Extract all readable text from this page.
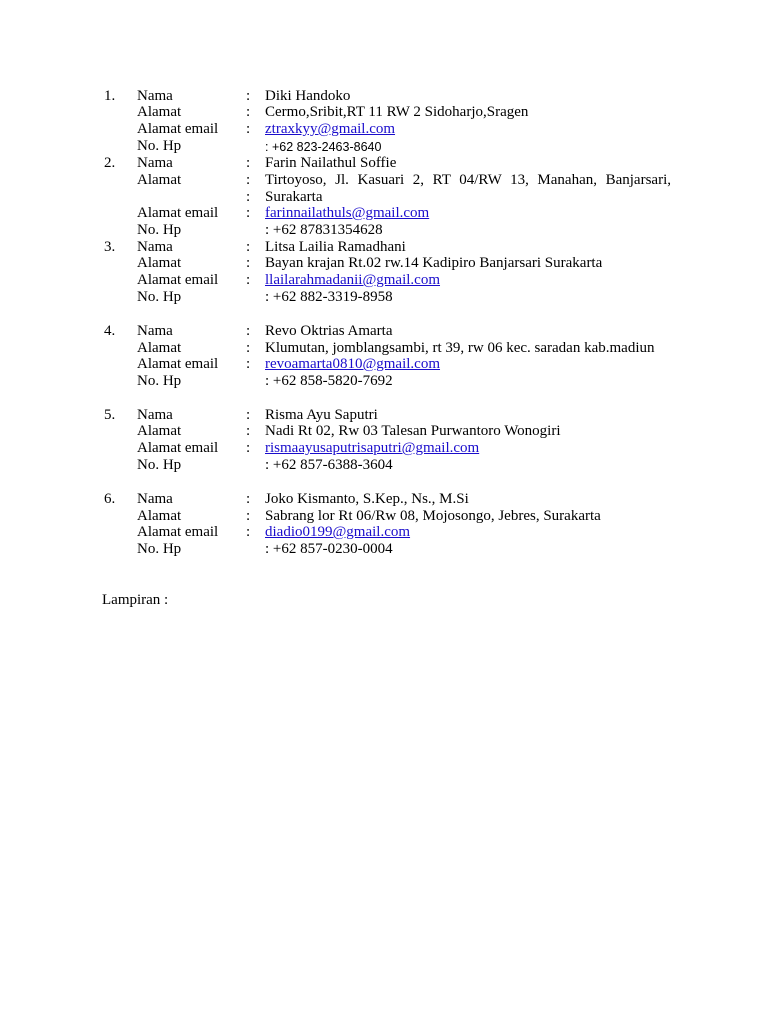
1. Nama	: Diki Handoko
Alamat	: Cermo,Sribit,RT 11 RW 2 Sidoharjo,Sragen
Alamat email : ztraxkyy@gmail.com
No. Hp	: +62 823-2463-8640
2. Nama	: Farin Nailathul Soffie
Alamat	: Tirtoyoso, Jl. Kasuari 2, RT 04/RW 13, Manahan, Banjarsari,
: Surakarta
Alamat email : farinnailathuls@gmail.com
No. Hp	: +62 87831354628
3. Nama	: Litsa Lailia Ramadhani
Alamat	: Bayan krajan Rt.02 rw.14 Kadipiro Banjarsari Surakarta
Alamat email : llailarahmadanii@gmail.com
No. Hp	: +62 882-3319-8958
4. Nama	: Revo Oktrias Amarta
Alamat	: Klumutan, jomblangsambi, rt 39, rw 06 kec. saradan kab.madiun
Alamat email : revoamarta0810@gmail.com
No. Hp	: +62 858-5820-7692
5. Nama	: Risma Ayu Saputri
Alamat	: Nadi Rt 02, Rw 03 Talesan Purwantoro Wonogiri
Alamat email : rismaayusaputrisaputri@gmail.com
No. Hp	: +62 857-6388-3604
6. Nama	: Joko Kismanto, S.Kep., Ns., M.Si
Alamat	: Sabrang lor Rt 06/Rw 08, Mojosongo, Jebres, Surakarta
Alamat email : diadio0199@gmail.com
No. Hp	: +62 857-0230-0004
Lampiran :
